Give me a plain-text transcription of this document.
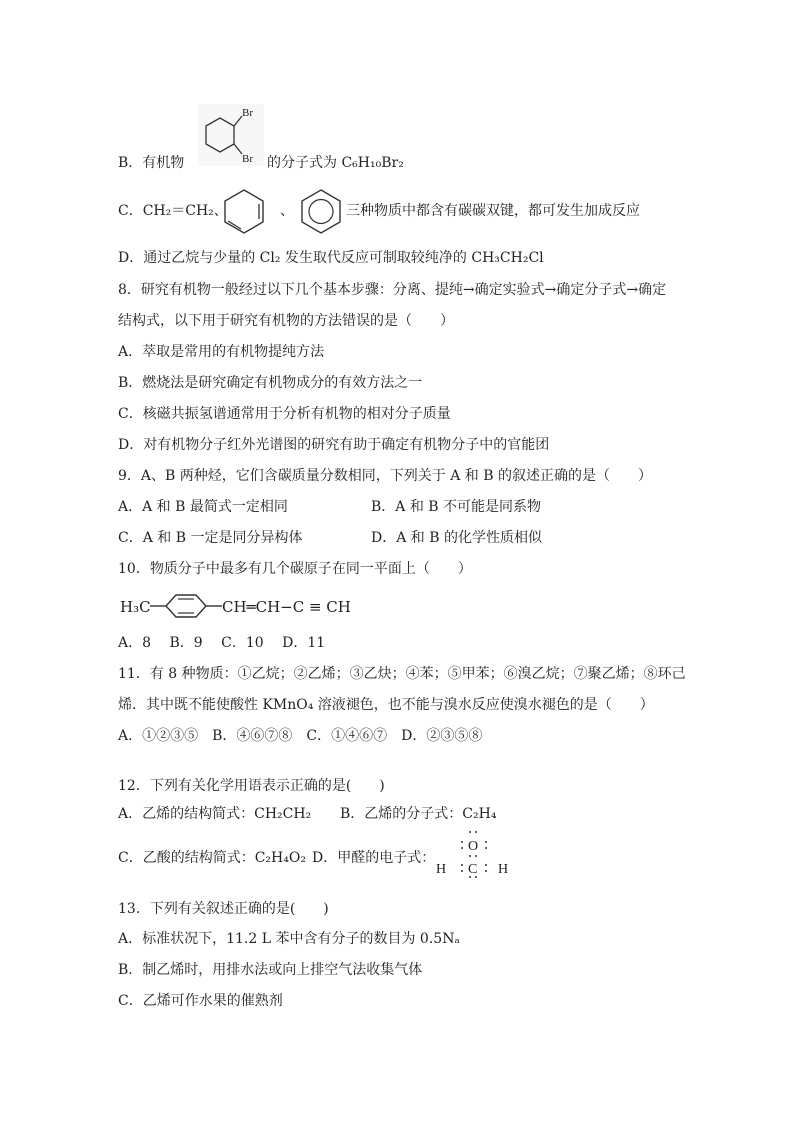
B．有机物
Br
Br 的分子式为 C₆H₁₀Br₂
C．CH₂＝CH₂、	、	三种物质中都含有碳碳双键，都可发生加成反应
D．通过乙烷与少量的 Cl₂ 发生取代反应可制取较纯净的 CH₃CH₂Cl
8．研究有机物一般经过以下几个基本步骤：分离、提纯→确定实验式→确定分子式→确定
结构式，以下用于研究有机物的方法错误的是（　　）
A．萃取是常用的有机物提纯方法
B．燃烧法是研究确定有机物成分的有效方法之一
C．核磁共振氢谱通常用于分析有机物的相对分子质量
D．对有机物分子红外光谱图的研究有助于确定有机物分子中的官能团
9．A、B 两种烃，它们含碳质量分数相同，下列关于 A 和 B 的叙述正确的是（　　）
A．A 和 B 最简式一定相同	B．A 和 B 不可能是同系物
C．A 和 B 一定是同分异构体	D．A 和 B 的化学性质相似
10．物质分子中最多有几个碳原子在同一平面上（　　）
H₃C	CH═CH−C ≡ CH
A．8　 B．9　 C．10　 D．11
11．有 8 种物质：①乙烷；②乙烯；③乙炔；④苯；⑤甲苯；⑥溴乙烷；⑦聚乙烯；⑧环己
烯．其中既不能使酸性 KMnO₄ 溶液褪色，也不能与溴水反应使溴水褪色的是（　　）
A．①②③⑤　B．④⑥⑦⑧　C．①④⑥⑦　D．②③⑤⑧
12．下列有关化学用语表示正确的是(　　)
A．乙烯的结构简式：CH₂CH₂ B．乙烯的分子式：C₂H₄
C．乙酸的结构简式：C₂H₄O₂ D．甲醛的电子式：
O
C
H	H
13．下列有关叙述正确的是(　　)
A．标准状况下，11.2 L 苯中含有分子的数目为 0.5Nₐ
B．制乙烯时，用排水法或向上排空气法收集气体
C．乙烯可作水果的催熟剂
